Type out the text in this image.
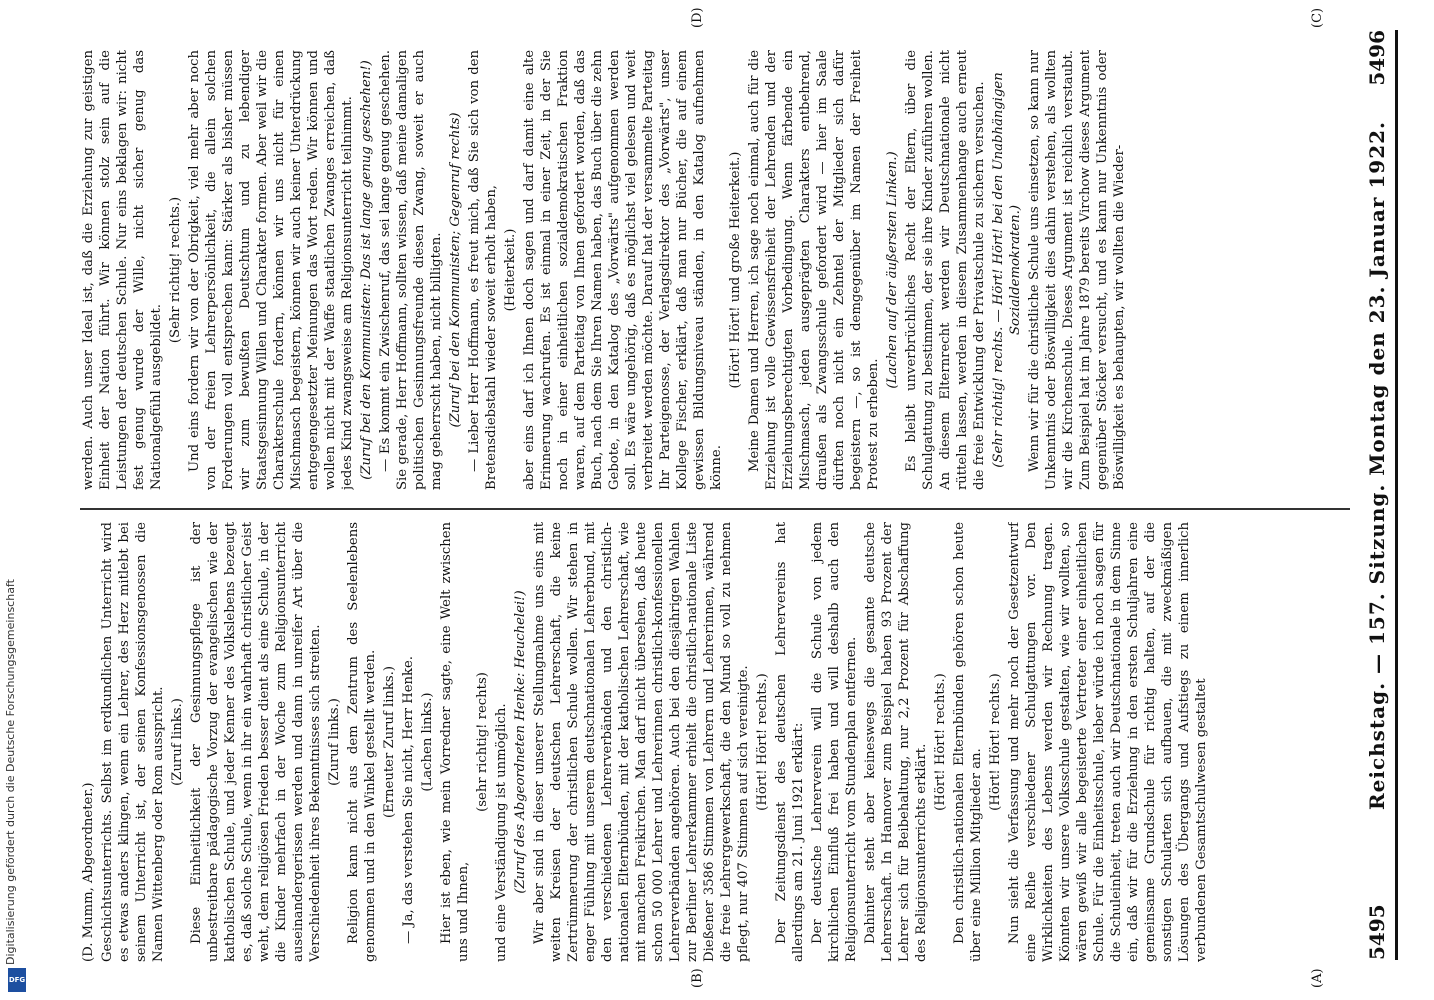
5495
Reichstag. — 157. Sitzung. Montag den 23. Januar 1922.
5496
(A)
(B)
(C)
(D)

(D. Mumm, Abgeordneter.) Geschichtsunterrichts. Selbst im erdkundlichen Unterricht wird es etwas anders klingen, wenn ein Lehrer, des Herz mitlebt bei seinem Unterricht ist, der seinen Konfessionsgenossen die Namen Wittenberg oder Rom ausspricht. (Zuruf links.) Diese Einheitlichkeit der Gesinnungspflege ist der unbestreitbare pädagogische Vorzug der evangelischen wie der katholischen Schule, und jeder Kenner des Volkslebens bezeugt es, daß solche Schule, wenn in ihr ein wahrhaft christlicher Geist weht, dem religiösen Frieden besser dient als eine Schule, in der die Kinder mehrfach in der Woche zum Religionsunterricht auseinandergerissen werden und dann in unreifer Art über die Verschiedenheit ihres Bekenntnisses sich streiten. (Zuruf links.) Religion kann nicht aus dem Zentrum des Seelenlebens genommen und in den Winkel gestellt werden. (Erneuter Zuruf links.) — Ja, das verstehen Sie nicht, Herr Henke. (Lachen links.) Hier ist eben, wie mein Vorredner sagte, eine Welt zwischen uns und Ihnen,

(sehr richtig! rechts) und eine Verständigung ist unmöglich. (Zuruf des Abgeordneten Henke: Heuchelei!) Wir aber sind in dieser unserer Stellungnahme uns eins mit weiten Kreisen der deutschen Lehrerschaft, die keine Zertrümmerung der christlichen Schule wollen. Wir stehen in enger Fühlung mit unserem deutschnationalen Lehrerbund, mit den verschiedenen Lehrerverbänden und den christlich-nationalen Elternbünden, mit der katholischen Lehrerschaft, wie mit manchen Freikirchen. Man darf nicht übersehen, daß heute schon 50 000 Lehrer und Lehrerinnen christlich-konfessionellen Lehrerverbänden angehören. Auch bei den diesjährigen Wahlen zur Berliner Lehrerkammer erhielt die christlich-nationale Liste Dießener 3586 Stimmen von Lehrern und Lehrerinnen, während die freie Lehrergewerkschaft, die den Mund so voll zu nehmen pflegt, nur 407 Stimmen auf sich vereinigte. (Hört! Hört! rechts.) Der Zeitungsdienst des deutschen Lehrervereins hat allerdings am 21. Juni 1921 erklärt: Der deutsche Lehrerverein will die Schule von jedem kirchlichen Einfluß frei haben und will deshalb auch den Religionsunterricht vom Stundenplan entfernen. Dahinter steht aber keineswegs die gesamte deutsche Lehrerschaft. In Hannover zum Beispiel haben 93 Prozent der Lehrer sich für Beibehaltung, nur 2,2 Prozent für Abschaffung des Religionsunterrichts erklärt.

(Hört! Hört! rechts.) Den christlich-nationalen Elternbünden gehören schon heute über eine Million Mitglieder an.

(Hört! Hört! rechts.) Nun sieht die Verfassung und mehr noch der Gesetzentwurf eine Reihe verschiedener Schulgattungen vor. Den Wirklichkeiten des Lebens werden wir Rechnung tragen. Könnten wir unsere Volksschule gestalten, wie wir wollten, so wären gewiß wir alle begeisterte Vertreter einer einheitlichen Schule. Für die Einheitsschule, lieber würde ich noch sagen für die Schuleinheit, treten auch wir Deutschnationale in dem Sinne ein, daß wir für die Erziehung in den ersten Schuljahren eine gemeinsame Grundschule für richtig halten, auf der die sonstigen Schularten sich aufbauen, die mit zweckmäßigen Lösungen des Übergangs und Aufstiegs zu einem innerlich verbundenen Gesamtschulwesen gestaltet

werden. Auch unser Ideal ist, daß die Erziehung zur geistigen Einheit der Nation führt. Wir können stolz sein auf die Leistungen der deutschen Schule. Nur eins beklagen wir: nicht fest genug wurde der Wille, nicht sicher genug das Nationalgefühl ausgebildet.

(Sehr richtig! rechts.) Und eins fordern wir von der Obrigkeit, viel mehr aber noch von der freien Lehrerpersönlichkeit, die allein solchen Forderungen voll entsprechen kann: Stärker als bisher müssen wir zum bewußten Deutschtum und zu lebendiger Staatsgesinnung Willen und Charakter formen. Aber weil wir die Charakterschule fordern, können wir uns nicht für einen Mischmasch begeistern, können wir auch keiner Unterdrückung entgegengesetzter Meinungen das Wort reden. Wir können und wollen nicht mit der Waffe staatlichen Zwanges erreichen, daß jedes Kind zwangsweise am Religionsunterricht teilnimmt. (Zuruf bei den Kommunisten: Das ist lange genug geschehen!) — Es kommt ein Zwischenruf, das sei lange genug geschehen. Sie gerade, Herr Hoffmann, sollten wissen, daß meine damaligen politischen Gesinnungsfreunde diesen Zwang, soweit er auch mag geherrscht haben, nicht billigten. (Zuruf bei den Kommunisten; Gegenruf rechts) — Lieber Herr Hoffmann, es freut mich, daß Sie sich von den Bretensdiebstahl wieder soweit erholt haben, (Heiterkeit.) aber eins darf ich Ihnen doch sagen und darf damit eine alte Erinnerung wachrufen. Es ist einmal in einer Zeit, in der Sie noch in einer einheitlichen sozialdemokratischen Fraktion waren, auf dem Parteitag von Ihnen gefordert worden, daß das Buch, nach dem Sie Ihren Namen haben, das Buch über die zehn Gebote, in den Katalog des „Vorwärts" aufgenommen werden soll. Es wäre ungehörig, daß es möglichst viel gelesen und weit verbreitet werden möchte. Darauf hat der versammelte Parteitag Ihr Parteigenosse, der Verlagsdirektor des „Vorwärts", unser Kollege Fischer, erklärt, daß man nur Bücher, die auf einem gewissen Bildungsniveau ständen, in den Katalog aufnehmen könne.

(Hört! Hört! und große Heiterkeit.) Meine Damen und Herren, ich sage noch einmal, auch für die Erziehung ist volle Gewissensfreiheit der Lehrenden und der Erziehungsberechtigten Vorbedingung. Wenn färbende ein Mischmasch, jeden ausgeprägten Charakters entbehrend, draußen als Zwangsschule gefordert wird — hier im Saale dürften noch nicht ein Zehntel der Mitglieder sich dafür begeistern —, so ist demgegenüber im Namen der Freiheit Protest zu erheben.

(Lachen auf der äußersten Linken.) Es bleibt unverbrüchliches Recht der Eltern, über die Schulgattung zu bestimmen, der sie ihre Kinder zuführen wollen. An diesem Elternrecht werden wir Deutschnationale nicht rütteln lassen, werden in diesem Zusammenhange auch erneut die freie Entwicklung der Privatschule zu sichern versuchen. (Sehr richtig! rechts. — Hört! Hört! bei den Unabhängigen Sozialdemokraten.) Wenn wir für die christliche Schule uns einsetzen, so kann nur Unkenntnis oder Böswilligkeit dies dahin verstehen, als wollten wir die Kirchenschule. Dieses Argument ist reichlich verstaubt. Zum Beispiel hat im Jahre 1879 bereits Virchow dieses Argument gegenüber Stöcker versucht, und es kann nur Unkenntnis oder Böswilligkeit es behaupten, wir wollten die Wieder-

Digitalisierung gefördert durch die Deutsche Forschungsgemeinschaft
DFG
